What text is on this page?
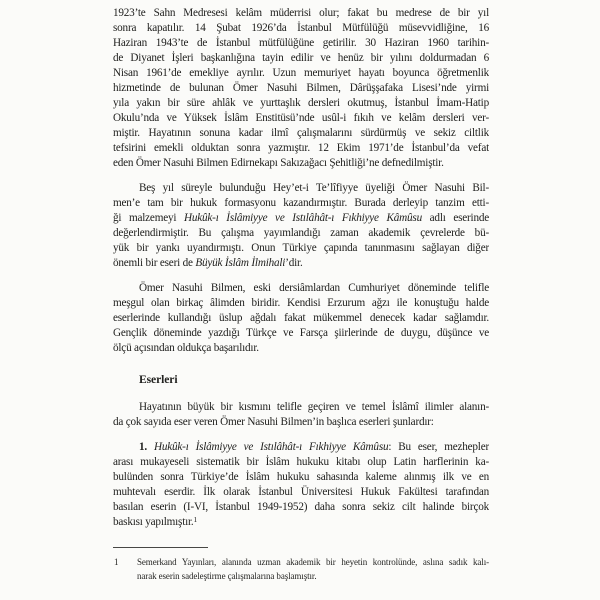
1923’te Sahn Medresesi kelâm müderrisi olur; fakat bu medrese de bir yıl
sonra kapatılır. 14 Şubat 1926’da İstanbul Mütfülüğü müsevvidliğine, 16
Haziran 1943’te de İstanbul mütfülüğüne getirilir. 30 Haziran 1960 tarihin-
de Diyanet İşleri başkanlığına tayin edilir ve henüz bir yılını doldurmadan 6
Nisan 1961’de emekliye ayrılır. Uzun memuriyet hayatı boyunca öğretmenlik
hizmetinde de bulunan Ömer Nasuhi Bilmen, Dârüşşafaka Lisesi’nde yirmi
yıla yakın bir süre ahlâk ve yurttaşlık dersleri okutmuş, İstanbul İmam-Hatip
Okulu’nda ve Yüksek İslâm Enstitüsü’nde usûl-i fıkıh ve kelâm dersleri ver-
miştir. Hayatının sonuna kadar ilmî çalışmalarını sürdürmüş ve sekiz ciltlik
tefsirini emekli olduktan sonra yazmıştır. 12 Ekim 1971’de İstanbul’da vefat
eden Ömer Nasuhi Bilmen Edirnekapı Sakızağacı Şehitliği’ne defnedilmiştir.
Beş yıl süreyle bulunduğu Hey’et-i Te’lîfiyye üyeliği Ömer Nasuhi Bil-
men’e tam bir hukuk formasyonu kazandırmıştır. Burada derleyip tanzim etti-
ği malzemeyi Hukûk-ı İslâmiyye ve Istılâhât-ı Fıkhiyye Kâmûsu adlı eserinde
değerlendirmiştir. Bu çalışma yayımlandığı zaman akademik çevrelerde bü-
yük bir yankı uyandırmıştı. Onun Türkiye çapında tanınmasını sağlayan diğer
önemli bir eseri de Büyük İslâm İlmihali’dir.
Ömer Nasuhi Bilmen, eski dersiâmlardan Cumhuriyet döneminde telifle
meşgul olan birkaç âlimden biridir. Kendisi Erzurum ağzı ile konuştuğu halde
eserlerinde kullandığı üslup ağdalı fakat mükemmel denecek kadar sağlamdır.
Gençlik döneminde yazdığı Türkçe ve Farsça şiirlerinde de duygu, düşünce ve
ölçü açısından oldukça başarılıdır.
Eserleri
Hayatının büyük bir kısmını telifle geçiren ve temel İslâmî ilimler alanın-
da çok sayıda eser veren Ömer Nasuhi Bilmen’in başlıca eserleri şunlardır:
1. Hukûk-ı İslâmiyye ve Istılâhât-ı Fıkhiyye Kâmûsu: Bu eser, mezhepler
arası mukayeseli sistematik bir İslâm hukuku kitabı olup Latin harflerinin ka-
bulünden sonra Türkiye’de İslâm hukuku sahasında kaleme alınmış ilk ve en
muhtevalı eserdir. İlk olarak İstanbul Üniversitesi Hukuk Fakültesi tarafından
basılan eserin (I-VI, İstanbul 1949-1952) daha sonra sekiz cilt halinde birçok
baskısı yapılmıştır.$^1$
1 Semerkand Yayınları, alanında uzman akademik bir heyetin kontrolünde, aslına sadık kalı-
narak eserin sadeleştirme çalışmalarına başlamıştır.
